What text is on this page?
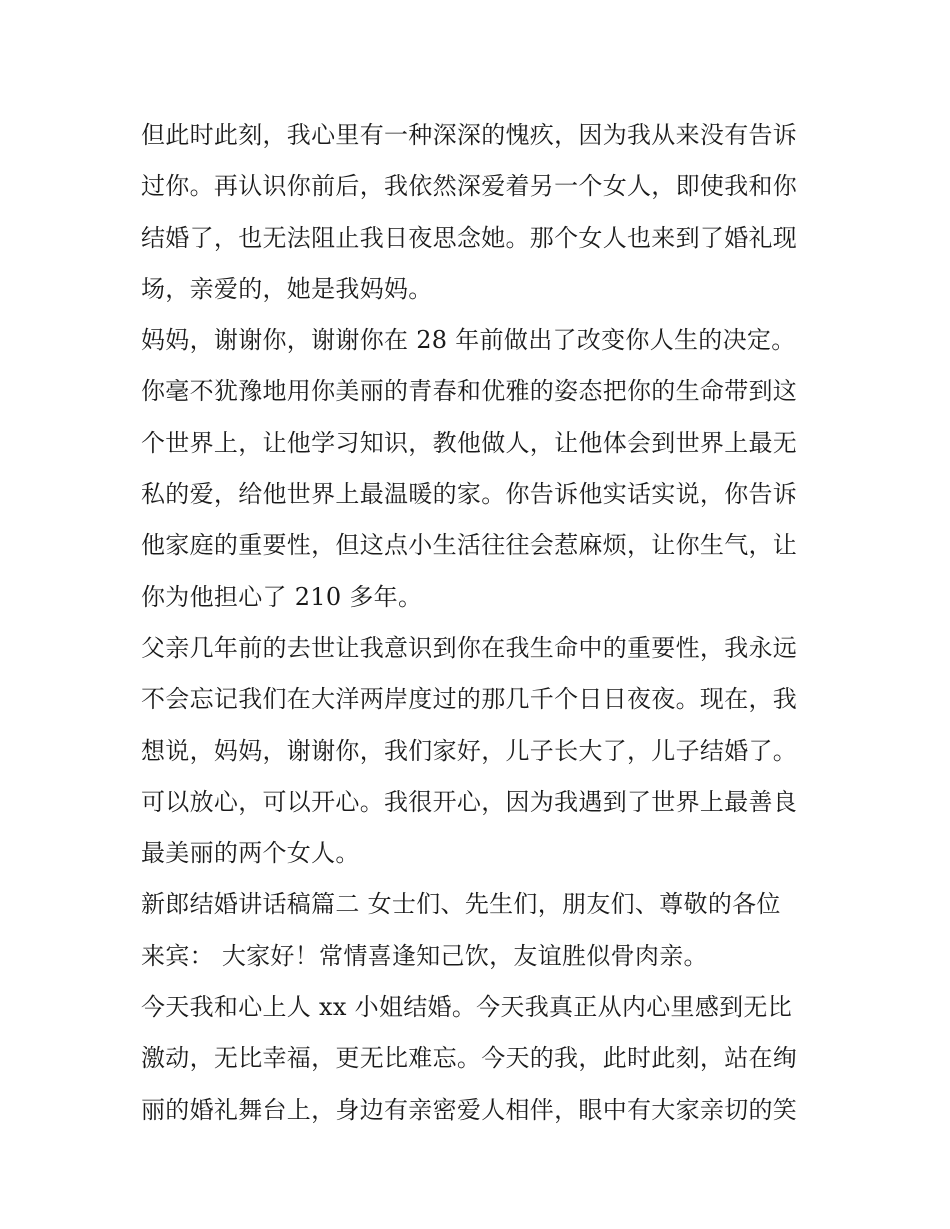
但此时此刻，我心里有一种深深的愧疚，因为我从来没有告诉
过你。再认识你前后，我依然深爱着另一个女人，即使我和你
结婚了，也无法阻止我日夜思念她。那个女人也来到了婚礼现
场，亲爱的，她是我妈妈。
妈妈，谢谢你，谢谢你在 28 年前做出了改变你人生的决定。
你毫不犹豫地用你美丽的青春和优雅的姿态把你的生命带到这
个世界上，让他学习知识，教他做人，让他体会到世界上最无
私的爱，给他世界上最温暖的家。你告诉他实话实说，你告诉
他家庭的重要性，但这点小生活往往会惹麻烦，让你生气，让
你为他担心了 210 多年。
父亲几年前的去世让我意识到你在我生命中的重要性，我永远
不会忘记我们在大洋两岸度过的那几千个日日夜夜。现在，我
想说，妈妈，谢谢你，我们家好，儿子长大了，儿子结婚了。
可以放心，可以开心。我很开心，因为我遇到了世界上最善良
最美丽的两个女人。
新郎结婚讲话稿篇二 女士们、先生们，朋友们、尊敬的各位
来宾： 大家好！常情喜逢知己饮，友谊胜似骨肉亲。
今天我和心上人 xx 小姐结婚。今天我真正从内心里感到无比
激动，无比幸福，更无比难忘。今天的我，此时此刻，站在绚
丽的婚礼舞台上，身边有亲密爱人相伴，眼中有大家亲切的笑
